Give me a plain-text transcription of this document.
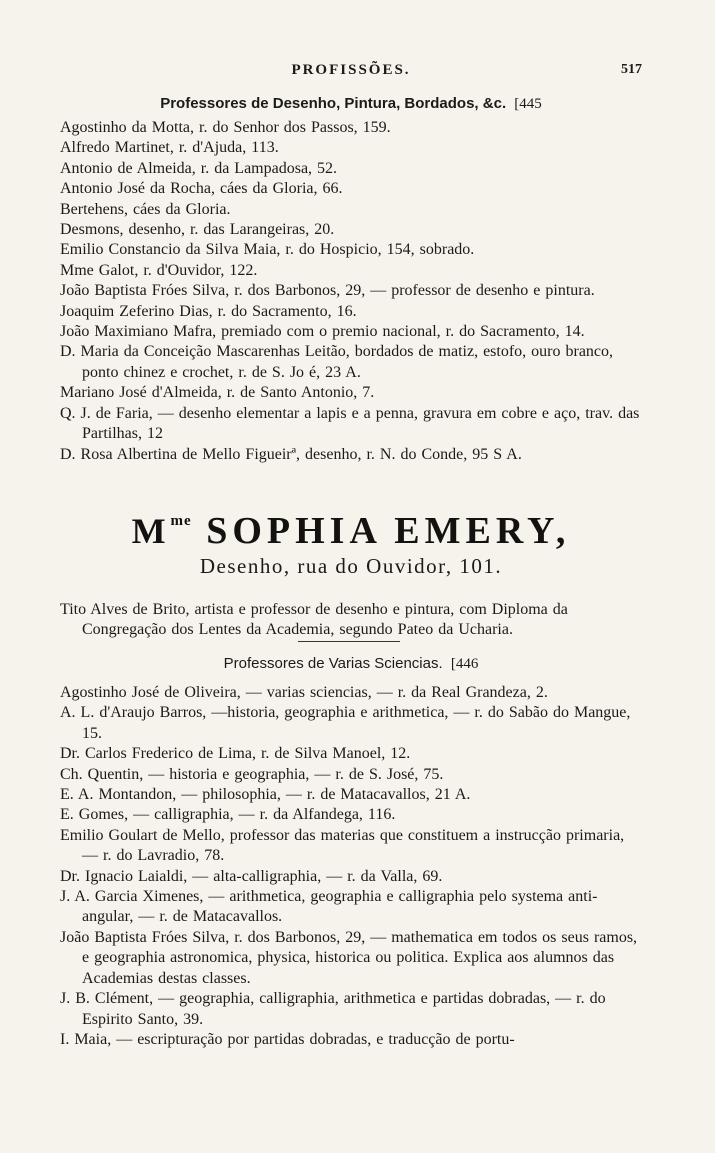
PROFISSÕES.	517
Professores de Desenho, Pintura, Bordados, &c. [445
Agostinho da Motta, r. do Senhor dos Passos, 159.
Alfredo Martinet, r. d'Ajuda, 113.
Antonio de Almeida, r. da Lampadosa, 52.
Antonio José da Rocha, cáes da Gloria, 66.
Bertehens, cáes da Gloria.
Desmons, desenho, r. das Larangeiras, 20.
Emilio Constancio da Silva Maia, r. do Hospicio, 154, sobrado.
Mme Galot, r. d'Ouvidor, 122.
João Baptista Fróes Silva, r. dos Barbonos, 29, — professor de desenho e pintura.
Joaquim Zeferino Dias, r. do Sacramento, 16.
João Maximiano Mafra, premiado com o premio nacional, r. do Sacramento, 14.
D. Maria da Conceição Mascarenhas Leitão, bordados de matiz, estofo, ouro branco, ponto chinez e crochet, r. de S. Jo é, 23 A.
Mariano José d'Almeida, r. de Santo Antonio, 7.
Q. J. de Faria, — desenho elementar a lapis e a penna, gravura em cobre e aço, trav. das Partilhas, 12
D. Rosa Albertina de Mello Figueirª, desenho, r. N. do Conde, 95 S A.
$M^{me}$ SOPHIA EMERY,
Desenho, rua do Ouvidor, 101.
Tito Alves de Brito, artista e professor de desenho e pintura, com Diploma da Congregação dos Lentes da Academia, segundo Pateo da Ucharia.
Professores de Varias Sciencias. [446
Agostinho José de Oliveira, — varias sciencias, — r. da Real Grandeza, 2.
A. L. d'Araujo Barros, —historia, geographia e arithmetica, — r. do Sabão do Mangue, 15.
Dr. Carlos Frederico de Lima, r. de Silva Manoel, 12.
Ch. Quentin, — historia e geographia, — r. de S. José, 75.
E. A. Montandon, — philosophia, — r. de Matacavallos, 21 A.
E. Gomes, — calligraphia, — r. da Alfandega, 116.
Emilio Goulart de Mello, professor das materias que constituem a instrucção primaria, — r. do Lavradio, 78.
Dr. Ignacio Laialdi, — alta-calligraphia, — r. da Valla, 69.
J. A. Garcia Ximenes, — arithmetica, geographia e calligraphia pelo systema anti-angular, — r. de Matacavallos.
João Baptista Fróes Silva, r. dos Barbonos, 29, — mathematica em todos os seus ramos, e geographia astronomica, physica, historica ou politica. Explica aos alumnos das Academias destas classes.
J. B. Clément, — geographia, calligraphia, arithmetica e partidas dobradas, — r. do Espirito Santo, 39.
I. Maia, — escripturação por partidas dobradas, e traducção de portu-
